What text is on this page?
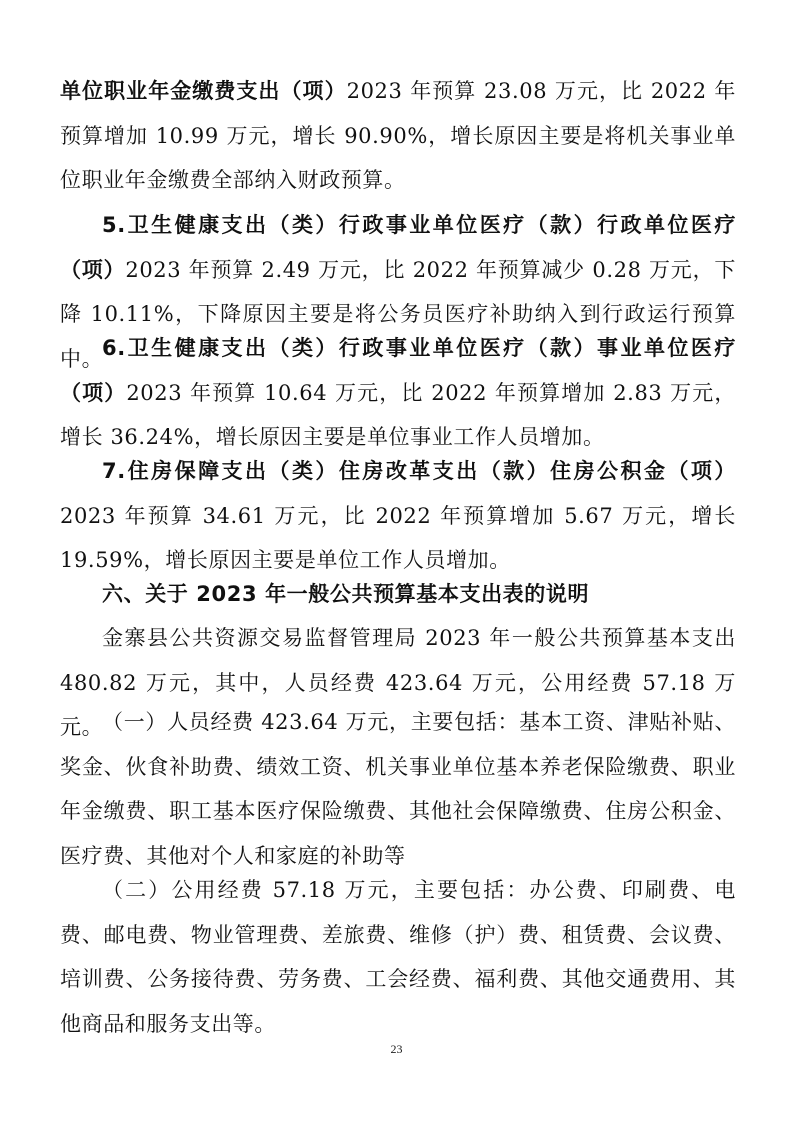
单位职业年金缴费支出（项）2023 年预算 23.08 万元，比 2022 年预算增加 10.99 万元，增长 90.90%，增长原因主要是将机关事业单位职业年金缴费全部纳入财政预算。
5.卫生健康支出（类）行政事业单位医疗（款）行政单位医疗（项）2023 年预算 2.49 万元，比 2022 年预算减少 0.28 万元，下降 10.11%，下降原因主要是将公务员医疗补助纳入到行政运行预算中。
6.卫生健康支出（类）行政事业单位医疗（款）事业单位医疗（项）2023 年预算 10.64 万元，比 2022 年预算增加 2.83 万元，增长 36.24%，增长原因主要是单位事业工作人员增加。
7.住房保障支出（类）住房改革支出（款）住房公积金（项）2023 年预算 34.61 万元，比 2022 年预算增加 5.67 万元，增长 19.59%，增长原因主要是单位工作人员增加。
六、关于 2023 年一般公共预算基本支出表的说明
金寨县公共资源交易监督管理局 2023 年一般公共预算基本支出 480.82 万元，其中，人员经费 423.64 万元，公用经费 57.18 万元。
（一）人员经费 423.64 万元，主要包括：基本工资、津贴补贴、奖金、伙食补助费、绩效工资、机关事业单位基本养老保险缴费、职业年金缴费、职工基本医疗保险缴费、其他社会保障缴费、住房公积金、医疗费、其他对个人和家庭的补助等
（二）公用经费 57.18 万元，主要包括：办公费、印刷费、电费、邮电费、物业管理费、差旅费、维修（护）费、租赁费、会议费、培训费、公务接待费、劳务费、工会经费、福利费、其他交通费用、其他商品和服务支出等。
23
